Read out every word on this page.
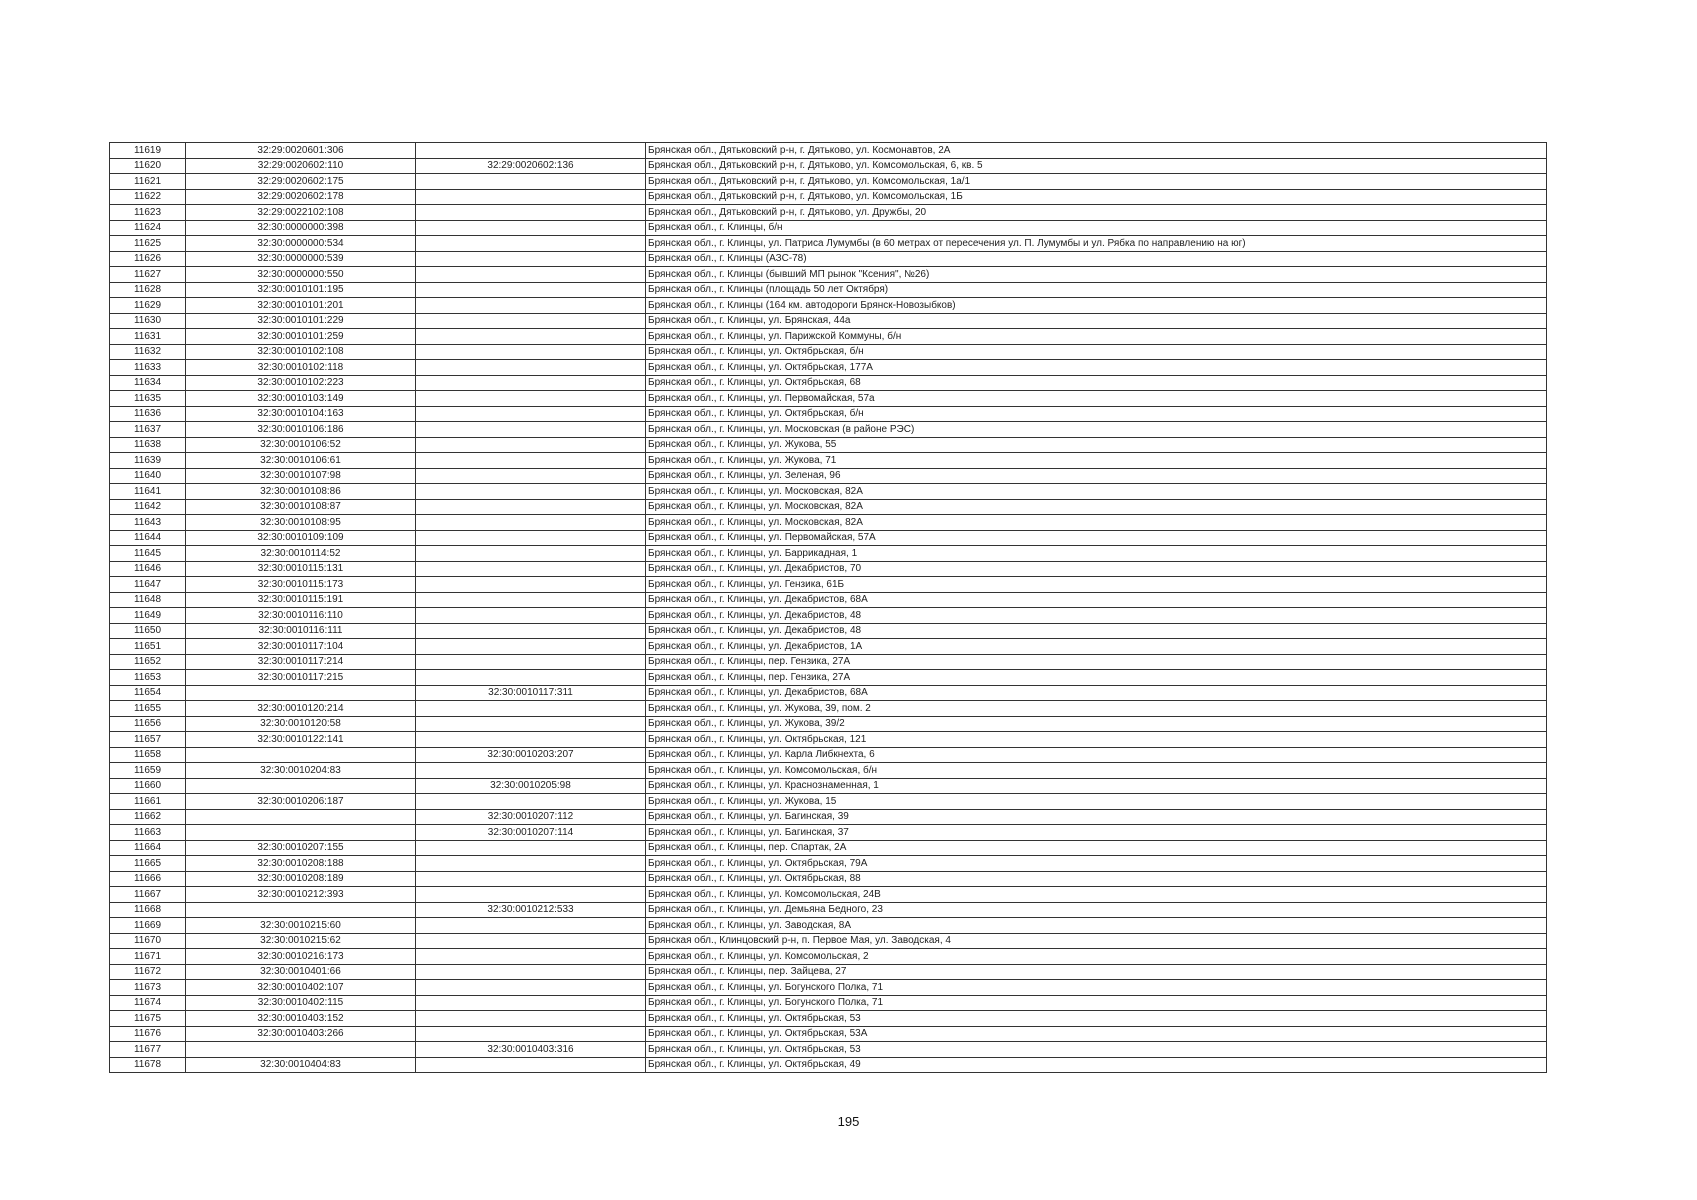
11619	32:29:0020601:306		Брянская обл., Дятьковский р-н, г. Дятьково, ул. Космонавтов, 2А
11620	32:29:0020602:110	32:29:0020602:136	Брянская обл., Дятьковский р-н, г. Дятьково, ул. Комсомольская, 6, кв. 5
11621	32:29:0020602:175		Брянская обл., Дятьковский р-н, г. Дятьково, ул. Комсомольская, 1а/1
11622	32:29:0020602:178		Брянская обл., Дятьковский р-н, г. Дятьково, ул. Комсомольская, 1Б
11623	32:29:0022102:108		Брянская обл., Дятьковский р-н, г. Дятьково, ул. Дружбы, 20
11624	32:30:0000000:398		Брянская обл., г. Клинцы, б/н
11625	32:30:0000000:534		Брянская обл., г. Клинцы, ул. Патриса Лумумбы (в 60 метрах от пересечения ул. П. Лумумбы и ул. Рябка по направлению на юг)
11626	32:30:0000000:539		Брянская обл., г. Клинцы (АЗС-78)
11627	32:30:0000000:550		Брянская обл., г. Клинцы (бывший МП рынок "Ксения", №26)
11628	32:30:0010101:195		Брянская обл., г. Клинцы (площадь 50 лет Октября)
11629	32:30:0010101:201		Брянская обл., г. Клинцы (164 км. автодороги Брянск-Новозыбков)
11630	32:30:0010101:229		Брянская обл., г. Клинцы, ул. Брянская, 44а
11631	32:30:0010101:259		Брянская обл., г. Клинцы, ул. Парижской Коммуны, б/н
11632	32:30:0010102:108		Брянская обл., г. Клинцы, ул. Октябрьская, б/н
11633	32:30:0010102:118		Брянская обл., г. Клинцы, ул. Октябрьская, 177А
11634	32:30:0010102:223		Брянская обл., г. Клинцы, ул. Октябрьская, 68
11635	32:30:0010103:149		Брянская обл., г. Клинцы, ул. Первомайская, 57а
11636	32:30:0010104:163		Брянская обл., г. Клинцы, ул. Октябрьская, б/н
11637	32:30:0010106:186		Брянская обл., г. Клинцы, ул. Московская (в районе РЭС)
11638	32:30:0010106:52		Брянская обл., г. Клинцы, ул. Жукова, 55
11639	32:30:0010106:61		Брянская обл., г. Клинцы, ул. Жукова, 71
11640	32:30:0010107:98		Брянская обл., г. Клинцы, ул. Зеленая, 96
11641	32:30:0010108:86		Брянская обл., г. Клинцы, ул. Московская, 82А
11642	32:30:0010108:87		Брянская обл., г. Клинцы, ул. Московская, 82А
11643	32:30:0010108:95		Брянская обл., г. Клинцы, ул. Московская, 82А
11644	32:30:0010109:109		Брянская обл., г. Клинцы, ул. Первомайская, 57А
11645	32:30:0010114:52		Брянская обл., г. Клинцы, ул. Баррикадная, 1
11646	32:30:0010115:131		Брянская обл., г. Клинцы, ул. Декабристов, 70
11647	32:30:0010115:173		Брянская обл., г. Клинцы, ул. Гензика, 61Б
11648	32:30:0010115:191		Брянская обл., г. Клинцы, ул. Декабристов, 68А
11649	32:30:0010116:110		Брянская обл., г. Клинцы, ул. Декабристов, 48
11650	32:30:0010116:111		Брянская обл., г. Клинцы, ул. Декабристов, 48
11651	32:30:0010117:104		Брянская обл., г. Клинцы, ул. Декабристов, 1А
11652	32:30:0010117:214		Брянская обл., г. Клинцы, пер. Гензика, 27А
11653	32:30:0010117:215		Брянская обл., г. Клинцы, пер. Гензика, 27А
11654		32:30:0010117:311	Брянская обл., г. Клинцы, ул. Декабристов, 68А
11655	32:30:0010120:214		Брянская обл., г. Клинцы, ул. Жукова, 39, пом. 2
11656	32:30:0010120:58		Брянская обл., г. Клинцы, ул. Жукова, 39/2
11657	32:30:0010122:141		Брянская обл., г. Клинцы, ул. Октябрьская, 121
11658		32:30:0010203:207	Брянская обл., г. Клинцы, ул. Карла Либкнехта, 6
11659	32:30:0010204:83		Брянская обл., г. Клинцы, ул. Комсомольская, б/н
11660		32:30:0010205:98	Брянская обл., г. Клинцы, ул. Краснознаменная, 1
11661	32:30:0010206:187		Брянская обл., г. Клинцы, ул. Жукова, 15
11662		32:30:0010207:112	Брянская обл., г. Клинцы, ул. Багинская, 39
11663		32:30:0010207:114	Брянская обл., г. Клинцы, ул. Багинская, 37
11664	32:30:0010207:155		Брянская обл., г. Клинцы, пер. Спартак, 2А
11665	32:30:0010208:188		Брянская обл., г. Клинцы, ул. Октябрьская, 79А
11666	32:30:0010208:189		Брянская обл., г. Клинцы, ул. Октябрьская, 88
11667	32:30:0010212:393		Брянская обл., г. Клинцы, ул. Комсомольская, 24В
11668		32:30:0010212:533	Брянская обл., г. Клинцы, ул. Демьяна Бедного, 23
11669	32:30:0010215:60		Брянская обл., г. Клинцы, ул. Заводская, 8А
11670	32:30:0010215:62		Брянская обл., Клинцовский р-н, п. Первое Мая, ул. Заводская, 4
11671	32:30:0010216:173		Брянская обл., г. Клинцы, ул. Комсомольская, 2
11672	32:30:0010401:66		Брянская обл., г. Клинцы, пер. Зайцева, 27
11673	32:30:0010402:107		Брянская обл., г. Клинцы, ул. Богунского Полка, 71
11674	32:30:0010402:115		Брянская обл., г. Клинцы, ул. Богунского Полка, 71
11675	32:30:0010403:152		Брянская обл., г. Клинцы, ул. Октябрьская, 53
11676	32:30:0010403:266		Брянская обл., г. Клинцы, ул. Октябрьская, 53А
11677		32:30:0010403:316	Брянская обл., г. Клинцы, ул. Октябрьская, 53
11678	32:30:0010404:83		Брянская обл., г. Клинцы, ул. Октябрьская, 49
195
